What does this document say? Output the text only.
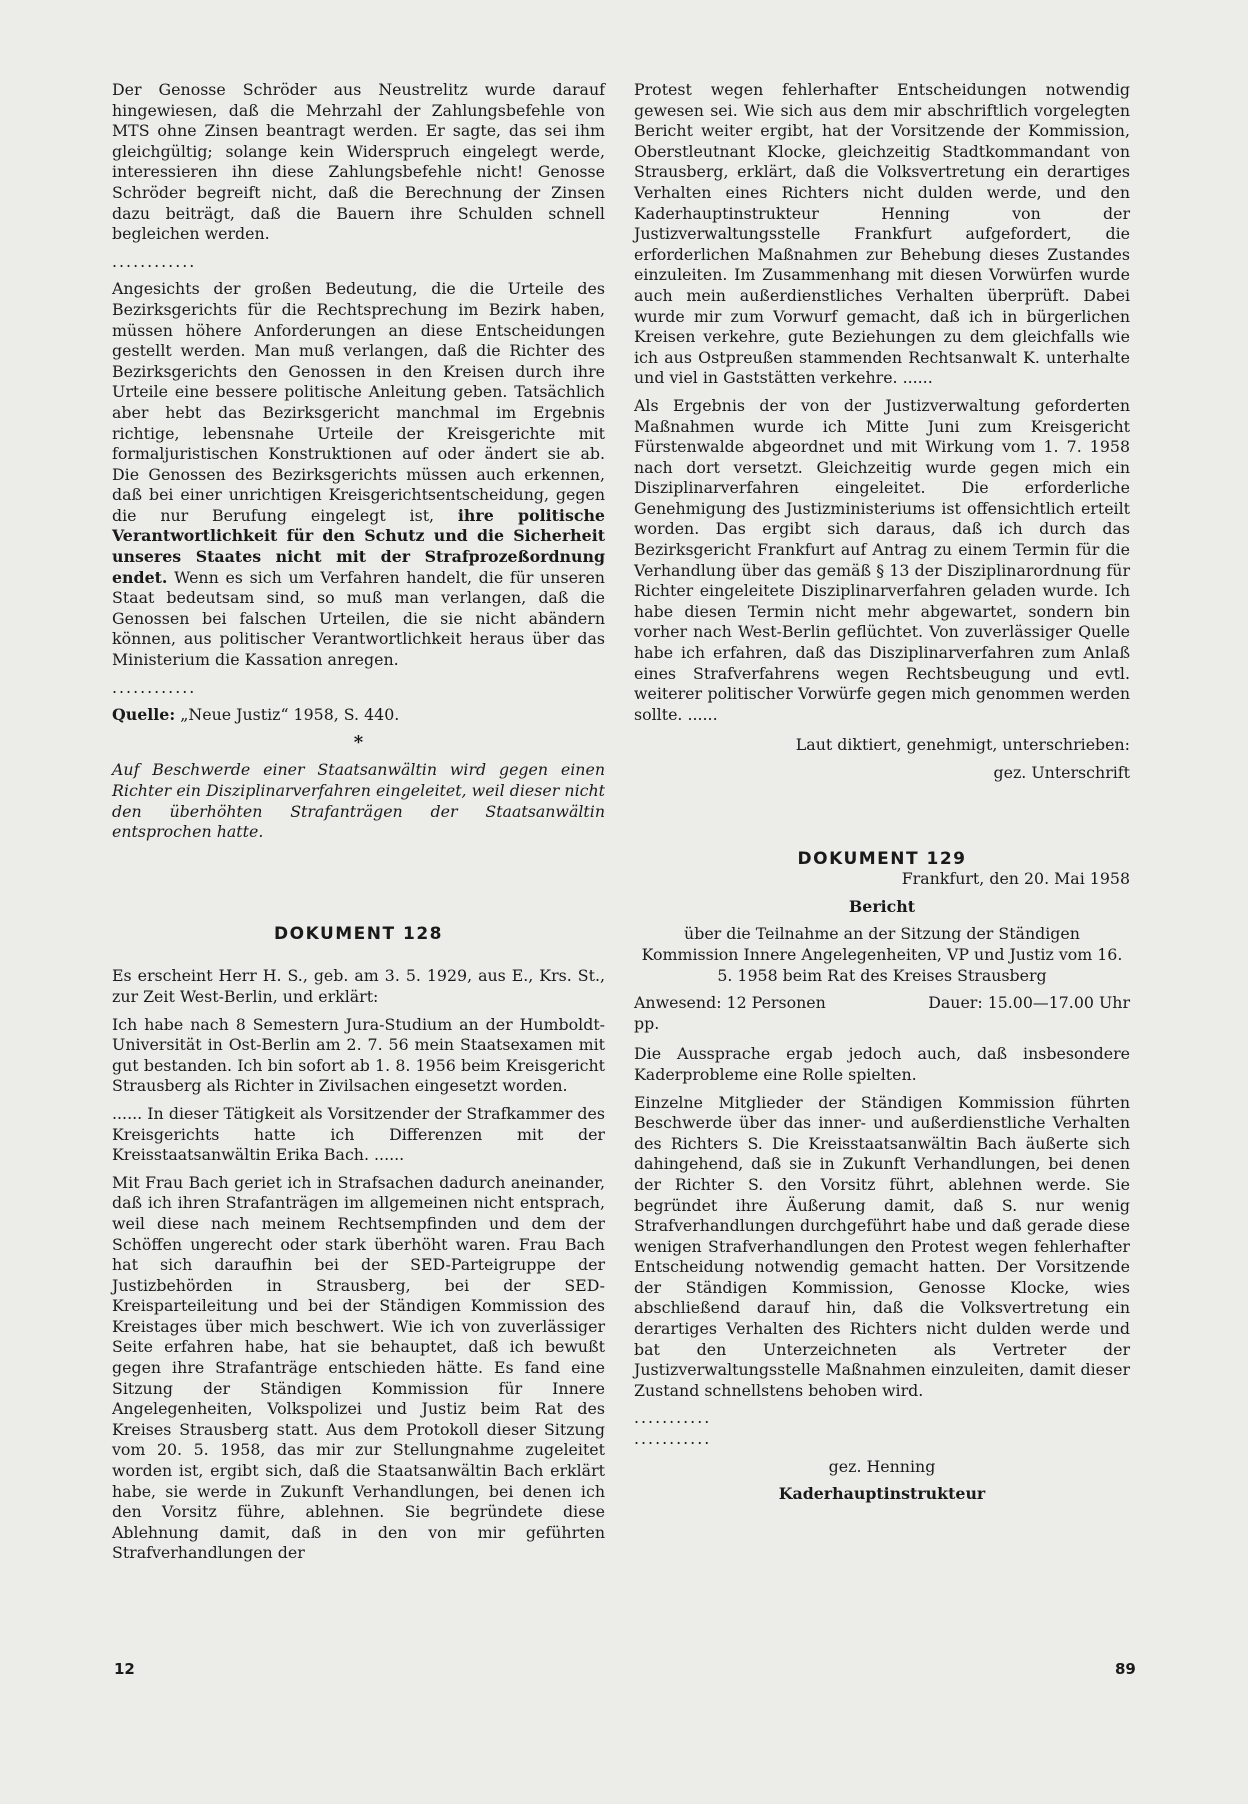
Der Genosse Schröder aus Neustrelitz wurde darauf hingewiesen, daß die Mehrzahl der Zahlungsbefehle von MTS ohne Zinsen beantragt werden. Er sagte, das sei ihm gleichgültig; solange kein Widerspruch eingelegt werde, interessieren ihn diese Zahlungsbefehle nicht! Genosse Schröder begreift nicht, daß die Berechnung der Zinsen dazu beiträgt, daß die Bauern ihre Schulden schnell begleichen werden.

............

Angesichts der großen Bedeutung, die die Urteile des Bezirksgerichts für die Rechtsprechung im Bezirk haben, müssen höhere Anforderungen an diese Entscheidungen gestellt werden. Man muß verlangen, daß die Richter des Bezirksgerichts den Genossen in den Kreisen durch ihre Urteile eine bessere politische Anleitung geben. Tatsächlich aber hebt das Bezirksgericht manchmal im Ergebnis richtige, lebensnahe Urteile der Kreisgerichte mit formaljuristischen Konstruktionen auf oder ändert sie ab. Die Genossen des Bezirksgerichts müssen auch erkennen, daß bei einer unrichtigen Kreisgerichtsentscheidung, gegen die nur Berufung eingelegt ist, ihre politische Verantwortlichkeit für den Schutz und die Sicherheit unseres Staates nicht mit der Strafprozeßordnung endet. Wenn es sich um Verfahren handelt, die für unseren Staat bedeutsam sind, so muß man verlangen, daß die Genossen bei falschen Urteilen, die sie nicht abändern können, aus politischer Verantwortlichkeit heraus über das Ministerium die Kassation anregen.

............

Quelle: „Neue Justiz“ 1958, S. 440.

*

Auf Beschwerde einer Staatsanwältin wird gegen einen Richter ein Disziplinarverfahren eingeleitet, weil dieser nicht den überhöhten Strafanträgen der Staatsanwältin entsprochen hatte.

DOKUMENT 128

Es erscheint Herr H. S., geb. am 3. 5. 1929, aus E., Krs. St., zur Zeit West-Berlin, und erklärt:

Ich habe nach 8 Semestern Jura-Studium an der Humboldt-Universität in Ost-Berlin am 2. 7. 56 mein Staatsexamen mit gut bestanden. Ich bin sofort ab 1. 8. 1956 beim Kreisgericht Strausberg als Richter in Zivilsachen eingesetzt worden.

...... In dieser Tätigkeit als Vorsitzender der Strafkammer des Kreisgerichts hatte ich Differenzen mit der Kreisstaatsanwältin Erika Bach. ......

Mit Frau Bach geriet ich in Strafsachen dadurch aneinander, daß ich ihren Strafanträgen im allgemeinen nicht entsprach, weil diese nach meinem Rechtsempfinden und dem der Schöffen ungerecht oder stark überhöht waren. Frau Bach hat sich daraufhin bei der SED-Parteigruppe der Justizbehörden in Strausberg, bei der SED-Kreisparteileitung und bei der Ständigen Kommission des Kreistages über mich beschwert. Wie ich von zuverlässiger Seite erfahren habe, hat sie behauptet, daß ich bewußt gegen ihre Strafanträge entschieden hätte. Es fand eine Sitzung der Ständigen Kommission für Innere Angelegenheiten, Volkspolizei und Justiz beim Rat des Kreises Strausberg statt. Aus dem Protokoll dieser Sitzung vom 20. 5. 1958, das mir zur Stellungnahme zugeleitet worden ist, ergibt sich, daß die Staatsanwältin Bach erklärt habe, sie werde in Zukunft Verhandlungen, bei denen ich den Vorsitz führe, ablehnen. Sie begründete diese Ablehnung damit, daß in den von mir geführten Strafverhandlungen der

Protest wegen fehlerhafter Entscheidungen notwendig gewesen sei. Wie sich aus dem mir abschriftlich vorgelegten Bericht weiter ergibt, hat der Vorsitzende der Kommission, Oberstleutnant Klocke, gleichzeitig Stadtkommandant von Strausberg, erklärt, daß die Volksvertretung ein derartiges Verhalten eines Richters nicht dulden werde, und den Kaderhauptinstrukteur Henning von der Justizverwaltungsstelle Frankfurt aufgefordert, die erforderlichen Maßnahmen zur Behebung dieses Zustandes einzuleiten. Im Zusammenhang mit diesen Vorwürfen wurde auch mein außerdienstliches Verhalten überprüft. Dabei wurde mir zum Vorwurf gemacht, daß ich in bürgerlichen Kreisen verkehre, gute Beziehungen zu dem gleichfalls wie ich aus Ostpreußen stammenden Rechtsanwalt K. unterhalte und viel in Gaststätten verkehre. ......

Als Ergebnis der von der Justizverwaltung geforderten Maßnahmen wurde ich Mitte Juni zum Kreisgericht Fürstenwalde abgeordnet und mit Wirkung vom 1. 7. 1958 nach dort versetzt. Gleichzeitig wurde gegen mich ein Disziplinarverfahren eingeleitet. Die erforderliche Genehmigung des Justizministeriums ist offensichtlich erteilt worden. Das ergibt sich daraus, daß ich durch das Bezirksgericht Frankfurt auf Antrag zu einem Termin für die Verhandlung über das gemäß § 13 der Disziplinarordnung für Richter eingeleitete Disziplinarverfahren geladen wurde. Ich habe diesen Termin nicht mehr abgewartet, sondern bin vorher nach West-Berlin geflüchtet. Von zuverlässiger Quelle habe ich erfahren, daß das Disziplinarverfahren zum Anlaß eines Strafverfahrens wegen Rechtsbeugung und evtl. weiterer politischer Vorwürfe gegen mich genommen werden sollte. ......

Laut diktiert, genehmigt, unterschrieben:

gez. Unterschrift

DOKUMENT 129

Frankfurt, den 20. Mai 1958

Bericht

über die Teilnahme an der Sitzung der Ständigen Kommission Innere Angelegenheiten, VP und Justiz vom 16. 5. 1958 beim Rat des Kreises Strausberg

Anwesend: 12 Personen	Dauer: 15.00—17.00 Uhr

pp.

Die Aussprache ergab jedoch auch, daß insbesondere Kaderprobleme eine Rolle spielten.

Einzelne Mitglieder der Ständigen Kommission führten Beschwerde über das inner- und außerdienstliche Verhalten des Richters S. Die Kreisstaatsanwältin Bach äußerte sich dahingehend, daß sie in Zukunft Verhandlungen, bei denen der Richter S. den Vorsitz führt, ablehnen werde. Sie begründet ihre Äußerung damit, daß S. nur wenig Strafverhandlungen durchgeführt habe und daß gerade diese wenigen Strafverhandlungen den Protest wegen fehlerhafter Entscheidung notwendig gemacht hatten. Der Vorsitzende der Ständigen Kommission, Genosse Klocke, wies abschließend darauf hin, daß die Volksvertretung ein derartiges Verhalten des Richters nicht dulden werde und bat den Unterzeichneten als Vertreter der Justizverwaltungsstelle Maßnahmen einzuleiten, damit dieser Zustand schnellstens behoben wird.

...........

...........

gez. Henning

Kaderhauptinstrukteur

12	89
